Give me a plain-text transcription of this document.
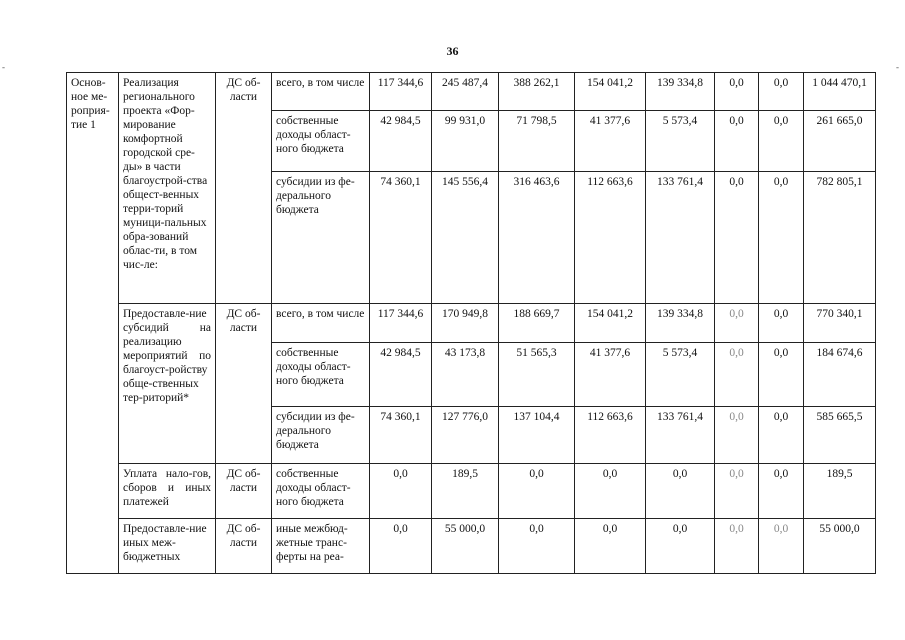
36
-	-
Основ-ное ме-роприя-тие 1	Реализация регионального проекта «Фор-мирование комфортной городской сре-ды» в части благоустрой-ства общест-венных терри-торий муници-пальных обра-зований облас-ти, в том чис-ле:	ДС об-ласти	всего, в том числе	117 344,6	245 487,4	388 262,1	154 041,2	139 334,8	0,0	0,0	1 044 470,1
			собственные доходы област-ного бюджета	42 984,5	99 931,0	71 798,5	41 377,6	5 573,4	0,0	0,0	261 665,0
			субсидии из фе-дерального бюджета	74 360,1	145 556,4	316 463,6	112 663,6	133 761,4	0,0	0,0	782 805,1
	Предоставле-ние субсидий на реализацию мероприятий по благоуст-ройству обще-ственных тер-риторий*	ДС об-ласти	всего, в том числе	117 344,6	170 949,8	188 669,7	154 041,2	139 334,8	0,0	0,0	770 340,1
			собственные доходы област-ного бюджета	42 984,5	43 173,8	51 565,3	41 377,6	5 573,4	0,0	0,0	184 674,6
			субсидии из фе-дерального бюджета	74 360,1	127 776,0	137 104,4	112 663,6	133 761,4	0,0	0,0	585 665,5
	Уплата нало-гов, сборов и иных платежей	ДС об-ласти	собственные доходы област-ного бюджета	0,0	189,5	0,0	0,0	0,0	0,0	0,0	189,5
	Предоставле-ние иных меж-бюджетных	ДС об-ласти	иные межбюд-жетные транс-ферты на реа-	0,0	55 000,0	0,0	0,0	0,0	0,0	0,0	55 000,0
